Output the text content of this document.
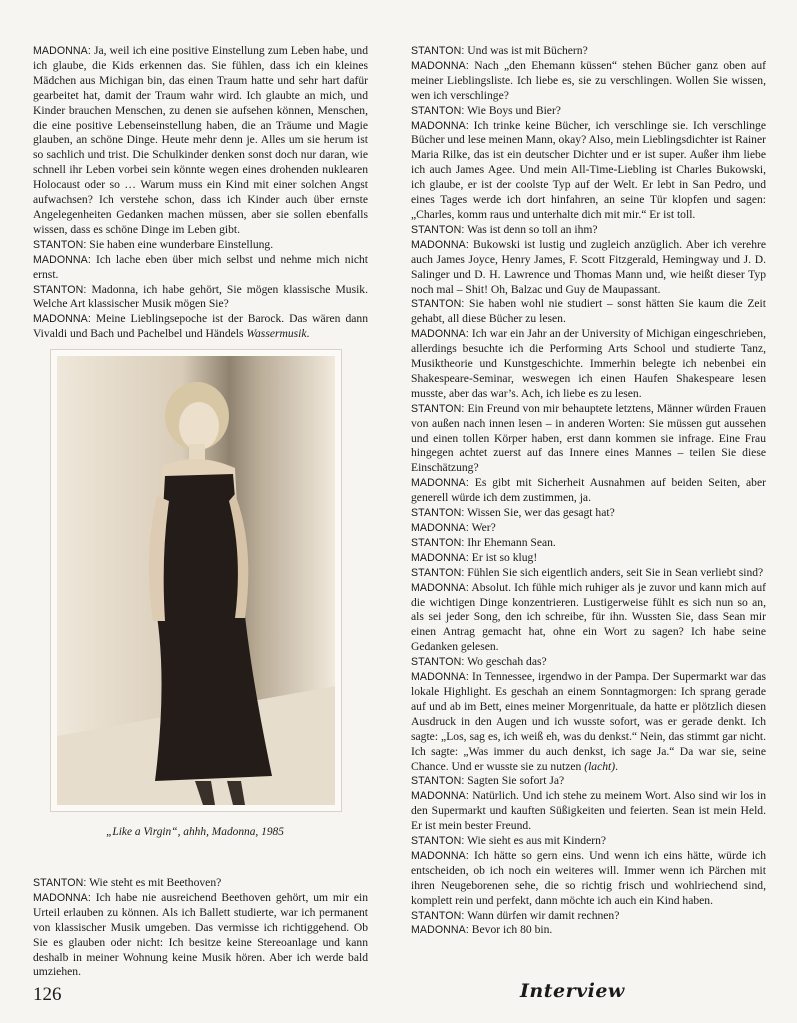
MADONNA: Ja, weil ich eine positive Einstellung zum Leben habe, und ich glaube, die Kids erkennen das. Sie fühlen, dass ich ein kleines Mädchen aus Michigan bin, das einen Traum hatte und sehr hart dafür gearbeitet hat, damit der Traum wahr wird. Ich glaubte an mich, und Kinder brauchen Menschen, zu denen sie aufsehen können, Menschen, die eine positive Lebenseinstellung haben, die an Träume und Magie glauben, an schöne Dinge. Heute mehr denn je. Alles um sie herum ist so sachlich und trist. Die Schulkinder denken sonst doch nur daran, wie schnell ihr Leben vorbei sein könnte wegen eines drohenden nuklearen Holocaust oder so … Warum muss ein Kind mit einer solchen Angst aufwachsen? Ich verstehe schon, dass ich Kinder auch über ernste Angelegenheiten Gedanken machen müssen, aber sie sollen ebenfalls wissen, dass es schöne Dinge im Leben gibt.

STANTON: Sie haben eine wunderbare Einstellung.

MADONNA: Ich lache eben über mich selbst und nehme mich nicht ernst.

STANTON: Madonna, ich habe gehört, Sie mögen klassische Musik. Welche Art klassischer Musik mögen Sie?

MADONNA: Meine Lieblingsepoche ist der Barock. Das wären dann Vivaldi und Bach und Pachelbel und Händels Wassermusik.

„Like a Virgin“, ahhh, Madonna, 1985

STANTON: Wie steht es mit Beethoven?

MADONNA: Ich habe nie ausreichend Beethoven gehört, um mir ein Urteil erlauben zu können. Als ich Ballett studierte, war ich permanent von klassischer Musik umgeben. Das vermisse ich richtiggehend. Ob Sie es glauben oder nicht: Ich besitze keine Stereoanlage und kann deshalb in meiner Wohnung keine Musik hören. Aber ich werde bald umziehen.

STANTON: Und was ist mit Büchern?

MADONNA: Nach „den Ehemann küssen“ stehen Bücher ganz oben auf meiner Lieblingsliste. Ich liebe es, sie zu verschlingen. Wollen Sie wissen, wen ich verschlinge?

STANTON: Wie Boys und Bier?

MADONNA: Ich trinke keine Bücher, ich verschlinge sie. Ich verschlinge Bücher und lese meinen Mann, okay? Also, mein Lieblingsdichter ist Rainer Maria Rilke, das ist ein deutscher Dichter und er ist super. Außer ihm liebe ich auch James Agee. Und mein All-Time-Liebling ist Charles Bukowski, ich glaube, er ist der coolste Typ auf der Welt. Er lebt in San Pedro, und eines Tages werde ich dort hinfahren, an seine Tür klopfen und sagen: „Charles, komm raus und unterhalte dich mit mir.“ Er ist toll.

STANTON: Was ist denn so toll an ihm?

MADONNA: Bukowski ist lustig und zugleich anzüglich. Aber ich verehre auch James Joyce, Henry James, F. Scott Fitzgerald, Hemingway und J. D. Salinger und D. H. Lawrence und Thomas Mann und, wie heißt dieser Typ noch mal – Shit! Oh, Balzac und Guy de Maupassant.

STANTON: Sie haben wohl nie studiert – sonst hätten Sie kaum die Zeit gehabt, all diese Bücher zu lesen.

MADONNA: Ich war ein Jahr an der University of Michigan eingeschrieben, allerdings besuchte ich die Performing Arts School und studierte Tanz, Musiktheorie und Kunstgeschichte. Immerhin belegte ich nebenbei ein Shakespeare-Seminar, weswegen ich einen Haufen Shakespeare lesen musste, aber das war’s. Ach, ich liebe es zu lesen.

STANTON: Ein Freund von mir behauptete letztens, Männer würden Frauen von außen nach innen lesen – in anderen Worten: Sie müssen gut aussehen und einen tollen Körper haben, erst dann kommen sie infrage. Eine Frau hingegen achtet zuerst auf das Innere eines Mannes – teilen Sie diese Einschätzung?

MADONNA: Es gibt mit Sicherheit Ausnahmen auf beiden Seiten, aber generell würde ich dem zustimmen, ja.

STANTON: Wissen Sie, wer das gesagt hat?

MADONNA: Wer?

STANTON: Ihr Ehemann Sean.

MADONNA: Er ist so klug!

STANTON: Fühlen Sie sich eigentlich anders, seit Sie in Sean verliebt sind?

MADONNA: Absolut. Ich fühle mich ruhiger als je zuvor und kann mich auf die wichtigen Dinge konzentrieren. Lustigerweise fühlt es sich nun so an, als sei jeder Song, den ich schreibe, für ihn. Wussten Sie, dass Sean mir einen Antrag gemacht hat, ohne ein Wort zu sagen? Ich habe seine Gedanken gelesen.

STANTON: Wo geschah das?

MADONNA: In Tennessee, irgendwo in der Pampa. Der Supermarkt war das lokale Highlight. Es geschah an einem Sonntagmorgen: Ich sprang gerade auf und ab im Bett, eines meiner Morgenrituale, da hatte er plötzlich diesen Ausdruck in den Augen und ich wusste sofort, was er gerade denkt. Ich sagte: „Los, sag es, ich weiß eh, was du denkst.“ Nein, das stimmt gar nicht. Ich sagte: „Was immer du auch denkst, ich sage Ja.“ Da war sie, seine Chance. Und er wusste sie zu nutzen (lacht).

STANTON: Sagten Sie sofort Ja?

MADONNA: Natürlich. Und ich stehe zu meinem Wort. Also sind wir los in den Supermarkt und kauften Süßigkeiten und feierten. Sean ist mein Held. Er ist mein bester Freund.

STANTON: Wie sieht es aus mit Kindern?

MADONNA: Ich hätte so gern eins. Und wenn ich eins hätte, würde ich entscheiden, ob ich noch ein weiteres will. Immer wenn ich Pärchen mit ihren Neugeborenen sehe, die so richtig frisch und wohlriechend sind, komplett rein und perfekt, dann möchte ich auch ein Kind haben.

STANTON: Wann dürfen wir damit rechnen?

MADONNA: Bevor ich 80 bin.

126	Interview
